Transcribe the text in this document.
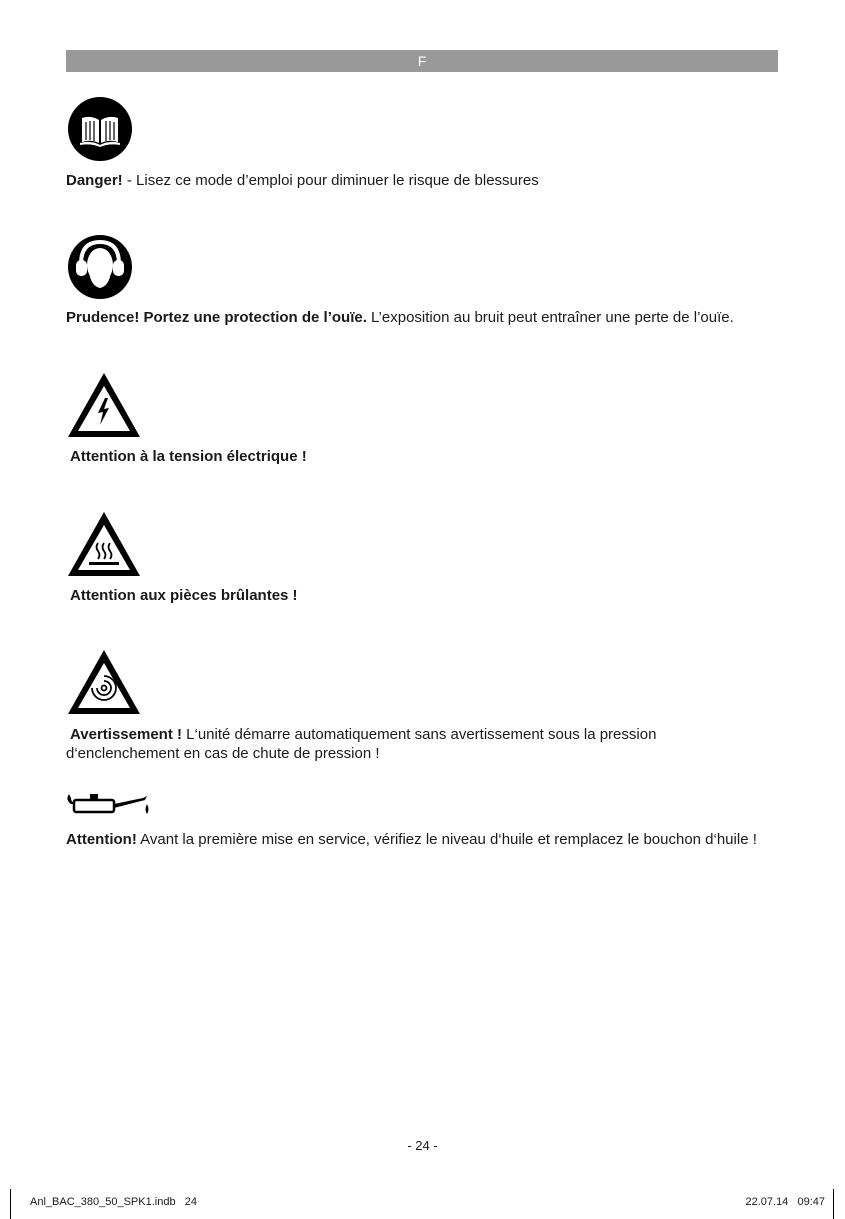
F
Danger! - Lisez ce mode d’emploi pour diminuer le risque de blessures
Prudence! Portez une protection de l’ouïe. L’exposition au bruit peut entraîner une perte de l’ouïe.
Attention à la tension électrique !
Attention aux pièces brûlantes !
Avertissement ! L‘unité démarre automatiquement sans avertissement sous la pression
d‘enclenchement en cas de chute de pression !
Attention! Avant la première mise en service, vérifiez le niveau d‘huile et remplacez le bouchon d‘huile !
- 24 -
Anl_BAC_380_50_SPK1.indb   24	22.07.14   09:47
